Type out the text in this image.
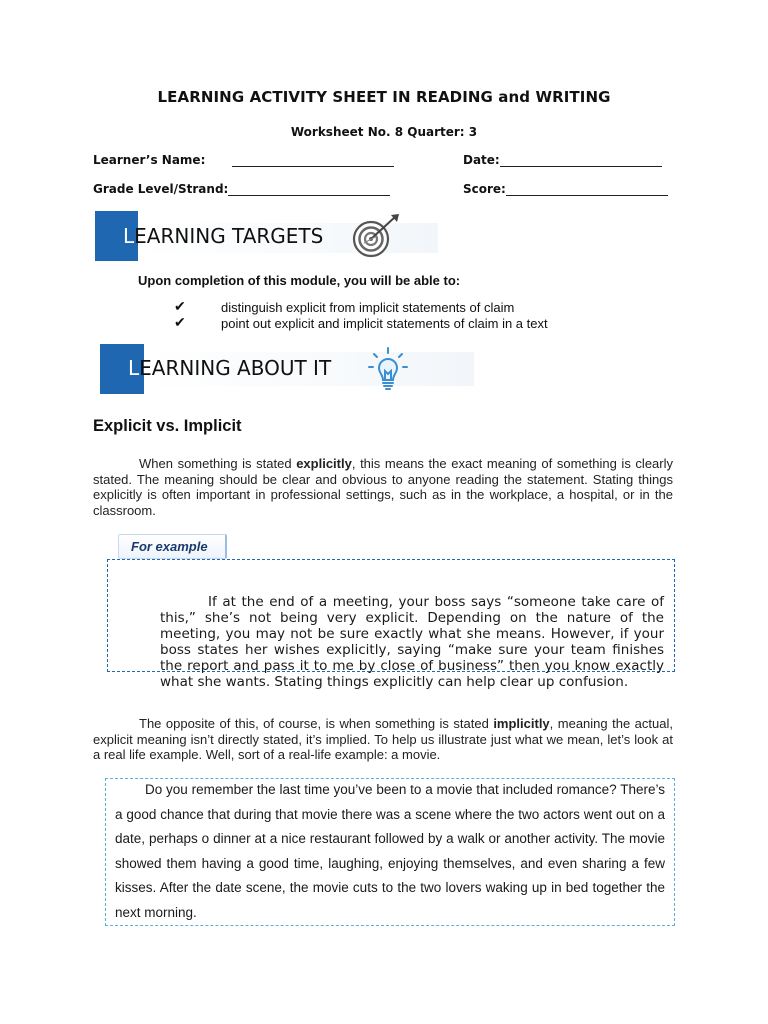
LEARNING ACTIVITY SHEET IN READING and WRITING
Worksheet No. 8 Quarter: 3
Learner’s Name:	Date:
Grade Level/Strand:	Score:
LEARNING TARGETS
Upon completion of this module, you will be able to:
✔	distinguish explicit from implicit statements of claim
✔	point out explicit and implicit statements of claim in a text
LEARNING ABOUT IT
Explicit vs. Implicit
When something is stated explicitly, this means the exact meaning of something is clearly stated. The meaning should be clear and obvious to anyone reading the statement. Stating things explicitly is often important in professional settings, such as in the workplace, a hospital, or in the classroom.
For example
If at the end of a meeting, your boss says “someone take care of this,” she’s not being very explicit. Depending on the nature of the meeting, you may not be sure exactly what she means. However, if your boss states her wishes explicitly, saying “make sure your team finishes the report and pass it to me by close of business” then you know exactly what she wants. Stating things explicitly can help clear up confusion.
The opposite of this, of course, is when something is stated implicitly, meaning the actual, explicit meaning isn’t directly stated, it’s implied. To help us illustrate just what we mean, let’s look at a real life example. Well, sort of a real-life example: a movie.
Do you remember the last time you’ve been to a movie that included romance? There’s a good chance that during that movie there was a scene where the two actors went out on a date, perhaps o dinner at a nice restaurant followed by a walk or another activity. The movie showed them having a good time, laughing, enjoying themselves, and even sharing a few kisses. After the date scene, the movie cuts to the two lovers waking up in bed together the next morning.
